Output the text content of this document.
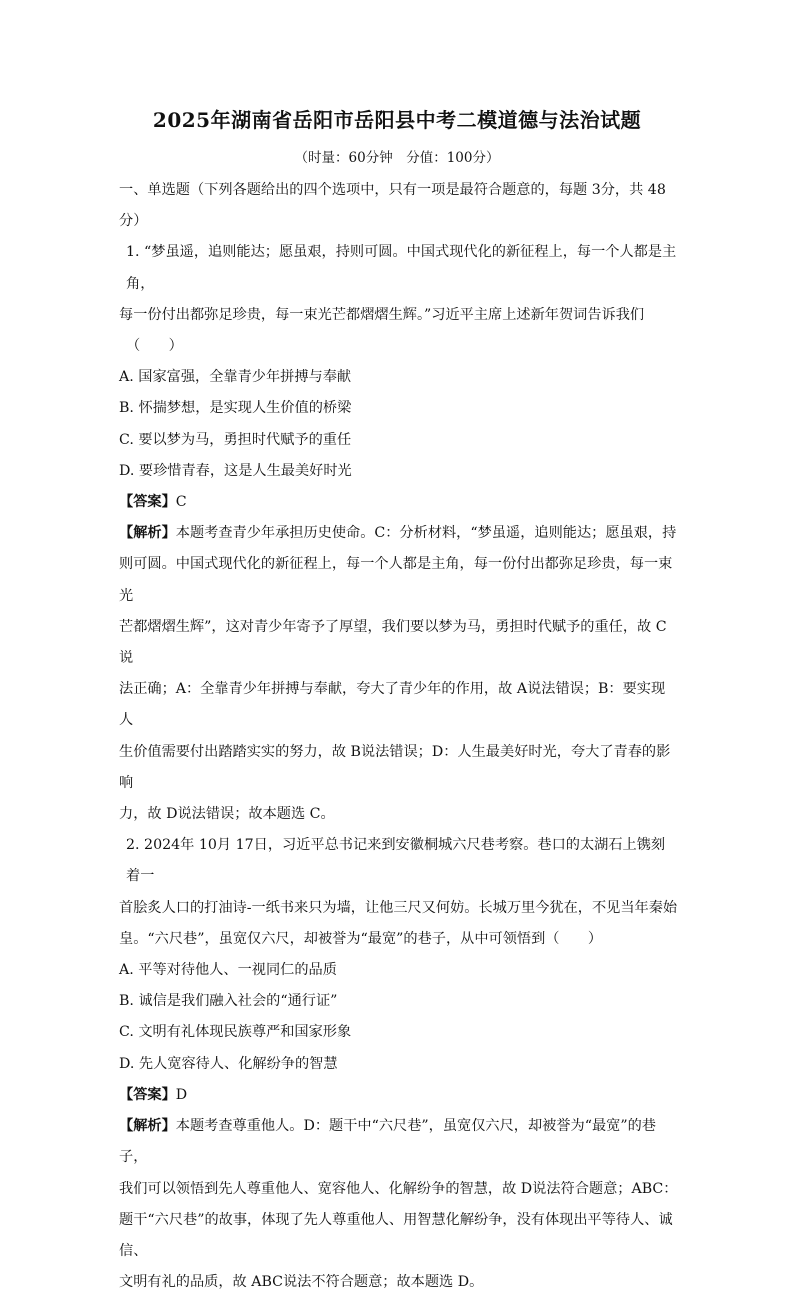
2025年湖南省岳阳市岳阳县中考二模道德与法治试题
（时量：60分钟　分值：100分）

一、单选题（下列各题给出的四个选项中，只有一项是最符合题意的，每题 3分，共 48分）

1. “梦虽遥，追则能达；愿虽艰，持则可圆。中国式现代化的新征程上，每一个人都是主角，

每一份付出都弥足珍贵，每一束光芒都熠熠生辉。”习近平主席上述新年贺词告诉我们

（　　）

A. 国家富强，全靠青少年拼搏与奉献

B. 怀揣梦想，是实现人生价值的桥梁

C. 要以梦为马，勇担时代赋予的重任

D. 要珍惜青春，这是人生最美好时光

【答案】C

【解析】本题考查青少年承担历史使命。C：分析材料，“梦虽遥，追则能达；愿虽艰，持

则可圆。中国式现代化的新征程上，每一个人都是主角，每一份付出都弥足珍贵，每一束光

芒都熠熠生辉”，这对青少年寄予了厚望，我们要以梦为马，勇担时代赋予的重任，故 C说

法正确；A：全靠青少年拼搏与奉献，夸大了青少年的作用，故 A说法错误；B：要实现人

生价值需要付出踏踏实实的努力，故 B说法错误；D：人生最美好时光，夸大了青春的影响

力，故 D说法错误；故本题选 C。

2. 2024年 10月 17日，习近平总书记来到安徽桐城六尺巷考察。巷口的太湖石上镌刻着一

首脍炙人口的打油诗-一纸书来只为墙，让他三尺又何妨。长城万里今犹在，不见当年秦始

皇。“六尺巷”，虽宽仅六尺，却被誉为“最宽”的巷子，从中可领悟到（　　）

A. 平等对待他人、一视同仁的品质

B. 诚信是我们融入社会的“通行证”

C. 文明有礼体现民族尊严和国家形象

D. 先人宽容待人、化解纷争的智慧

【答案】D

【解析】本题考查尊重他人。D：题干中“六尺巷”，虽宽仅六尺，却被誉为“最宽”的巷子，

我们可以领悟到先人尊重他人、宽容他人、化解纷争的智慧，故 D说法符合题意；ABC：

题干“六尺巷”的故事，体现了先人尊重他人、用智慧化解纷争，没有体现出平等待人、诚信、

文明有礼的品质，故 ABC说法不符合题意；故本题选 D。
